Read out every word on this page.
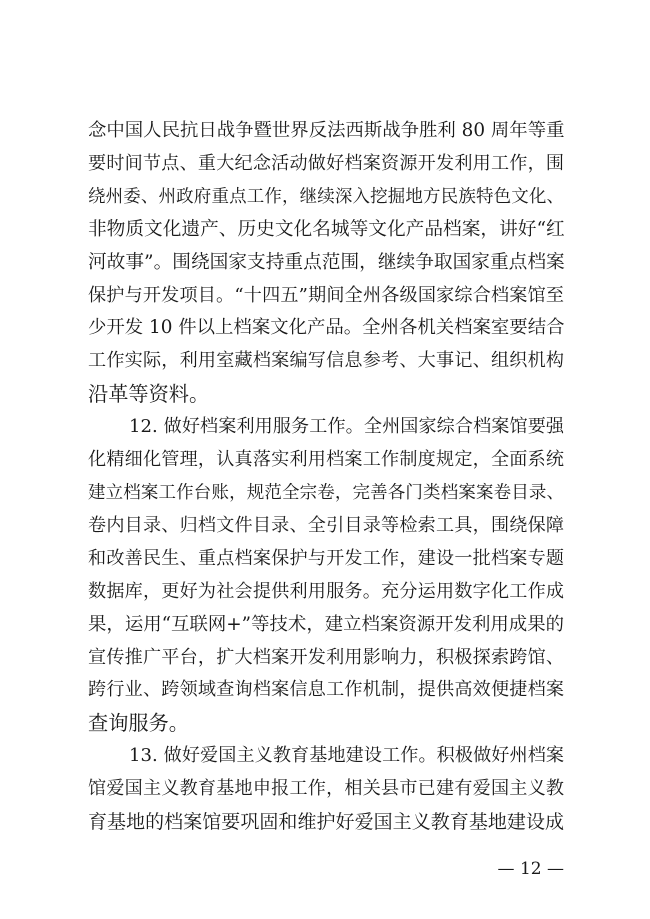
念中国人民抗日战争暨世界反法西斯战争胜利 80 周年等重
要时间节点、重大纪念活动做好档案资源开发利用工作，围
绕州委、州政府重点工作，继续深入挖掘地方民族特色文化、
非物质文化遗产、历史文化名城等文化产品档案，讲好“红
河故事”。围绕国家支持重点范围，继续争取国家重点档案
保护与开发项目。“十四五”期间全州各级国家综合档案馆至
少开发 10 件以上档案文化产品。全州各机关档案室要结合
工作实际，利用室藏档案编写信息参考、大事记、组织机构
沿革等资料。
12. 做好档案利用服务工作。全州国家综合档案馆要强
化精细化管理，认真落实利用档案工作制度规定，全面系统
建立档案工作台账，规范全宗卷，完善各门类档案案卷目录、
卷内目录、归档文件目录、全引目录等检索工具，围绕保障
和改善民生、重点档案保护与开发工作，建设一批档案专题
数据库，更好为社会提供利用服务。充分运用数字化工作成
果，运用“互联网+”等技术，建立档案资源开发利用成果的
宣传推广平台，扩大档案开发利用影响力，积极探索跨馆、
跨行业、跨领域查询档案信息工作机制，提供高效便捷档案
查询服务。
13. 做好爱国主义教育基地建设工作。积极做好州档案
馆爱国主义教育基地申报工作，相关县市已建有爱国主义教
育基地的档案馆要巩固和维护好爱国主义教育基地建设成
— 12 —
